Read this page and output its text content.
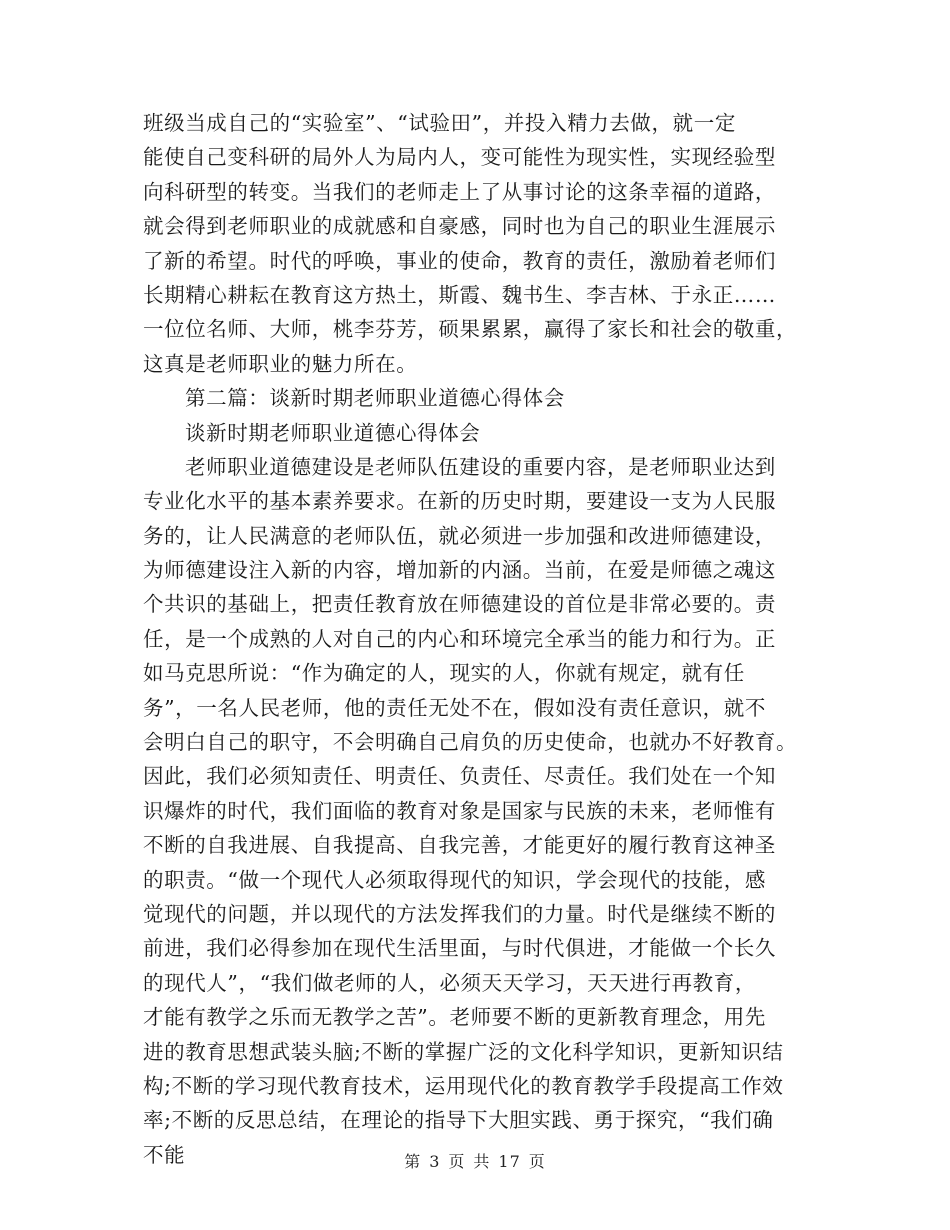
班级当成自己的“实验室”、“试验田”，并投入精力去做，就一定
能使自己变科研的局外人为局内人，变可能性为现实性，实现经验型
向科研型的转变。当我们的老师走上了从事讨论的这条幸福的道路，
就会得到老师职业的成就感和自豪感，同时也为自己的职业生涯展示
了新的希望。时代的呼唤，事业的使命，教育的责任，激励着老师们
长期精心耕耘在教育这方热土，斯霞、魏书生、李吉林、于永正……
一位位名师、大师，桃李芬芳，硕果累累，赢得了家长和社会的敬重，
这真是老师职业的魅力所在。
第二篇：谈新时期老师职业道德心得体会
谈新时期老师职业道德心得体会
老师职业道德建设是老师队伍建设的重要内容，是老师职业达到
专业化水平的基本素养要求。在新的历史时期，要建设一支为人民服
务的，让人民满意的老师队伍，就必须进一步加强和改进师德建设，
为师德建设注入新的内容，增加新的内涵。当前，在爱是师德之魂这
个共识的基础上，把责任教育放在师德建设的首位是非常必要的。责
任，是一个成熟的人对自己的内心和环境完全承当的能力和行为。正
如马克思所说：“作为确定的人，现实的人，你就有规定，就有任
务”，一名人民老师，他的责任无处不在，假如没有责任意识，就不
会明白自己的职守，不会明确自己肩负的历史使命，也就办不好教育。
因此，我们必须知责任、明责任、负责任、尽责任。我们处在一个知
识爆炸的时代，我们面临的教育对象是国家与民族的未来，老师惟有
不断的自我进展、自我提高、自我完善，才能更好的履行教育这神圣
的职责。“做一个现代人必须取得现代的知识，学会现代的技能，感
觉现代的问题，并以现代的方法发挥我们的力量。时代是继续不断的
前进，我们必得参加在现代生活里面，与时代俱进，才能做一个长久
的现代人”，“我们做老师的人，必须天天学习，天天进行再教育，
才能有教学之乐而无教学之苦”。老师要不断的更新教育理念，用先
进的教育思想武装头脑;不断的掌握广泛的文化科学知识，更新知识结
构;不断的学习现代教育技术，运用现代化的教育教学手段提高工作效
率;不断的反思总结，在理论的指导下大胆实践、勇于探究，“我们确
不能	第 3 页 共 17 页
